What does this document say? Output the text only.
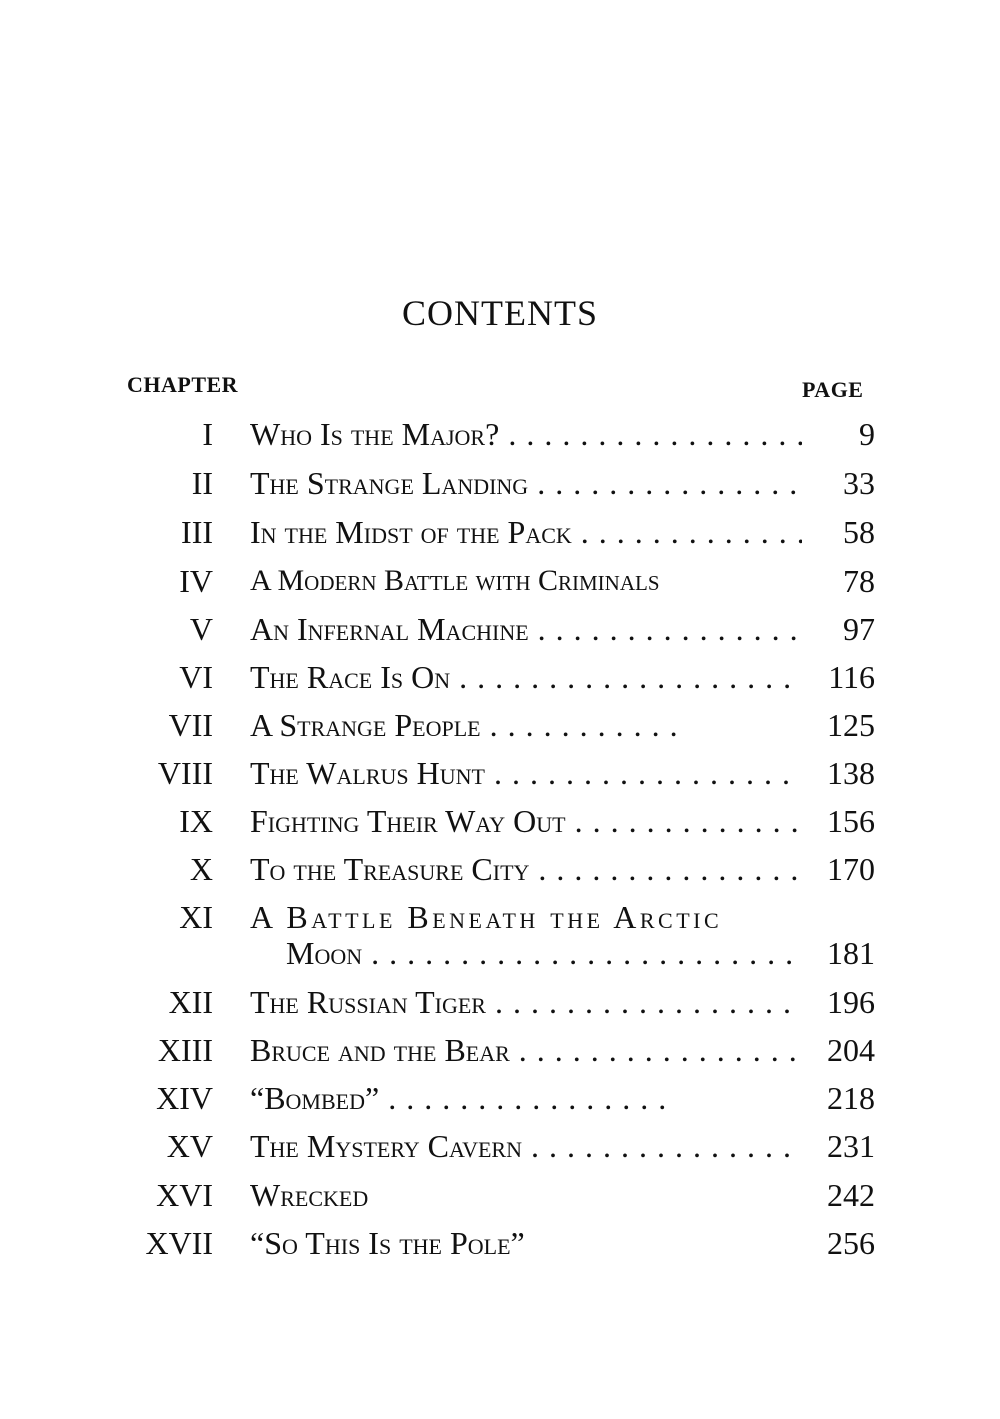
CONTENTS
CHAPTER	PAGE
I Who Is the Major? . . .	9
II The Strange Landing . . .	33
III In the Midst of the Pack . . .	58
IV A Modern Battle with Criminals	78
V An Infernal Machine . . .	97
VI The Race Is On . . .	116
VII A Strange People . . .	125
VIII The Walrus Hunt . . .	138
IX Fighting Their Way Out . . .	156
X To the Treasure City . . .	170
XI A Battle Beneath the Arctic
Moon . . .	181
XII The Russian Tiger . . .	196
XIII Bruce and the Bear . . .	204
XIV “Bombed” . . .	218
XV The Mystery Cavern . . .	231
XVI Wrecked	242
XVII “So This Is the Pole”	256
